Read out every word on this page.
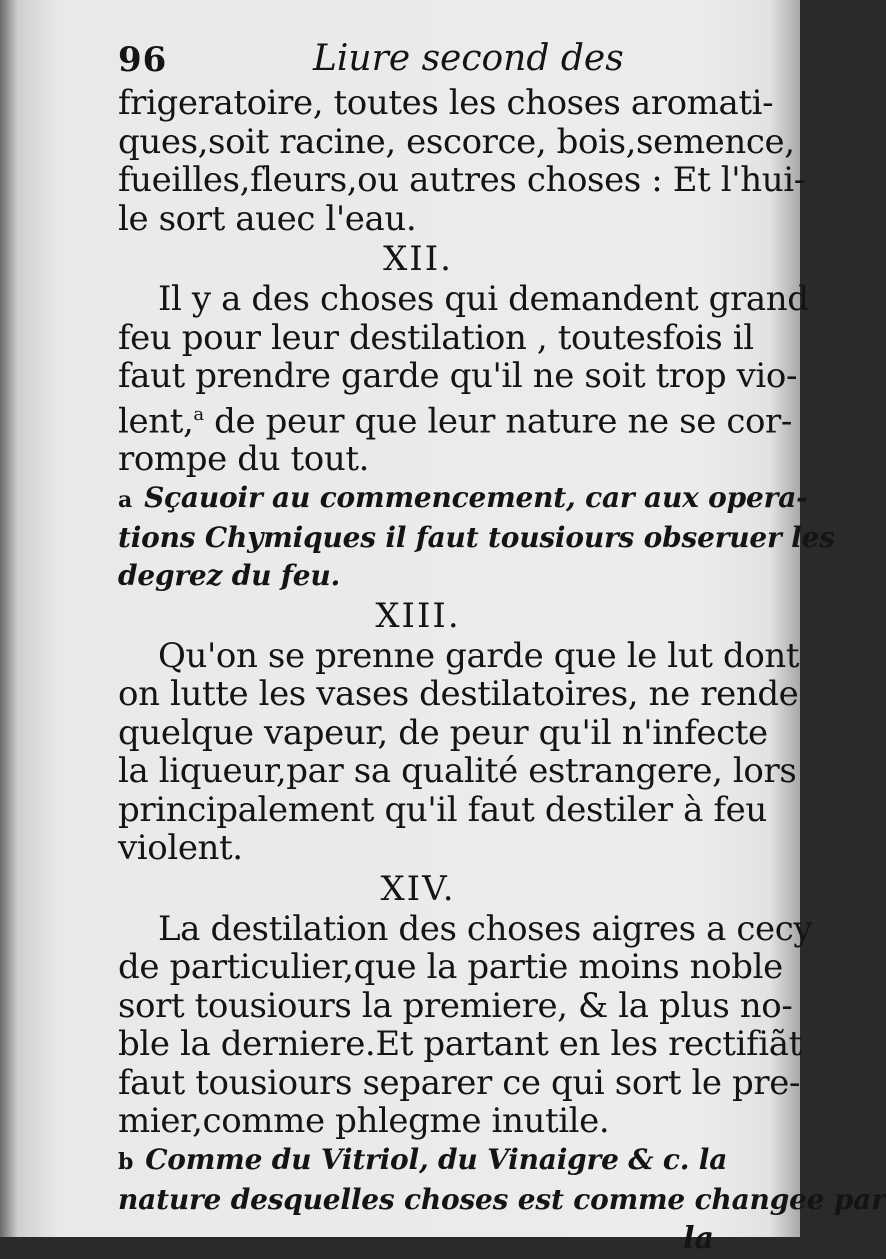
96	Liure second des
frigeratoire, toutes les choses aromati-
ques,soit racine, escorce, bois,semence,
fueilles,fleurs,ou autres choses : Et l'hui-
le sort auec l'eau.
XII.
Il y a des choses qui demandent grand
feu pour leur destilation , toutesfois il
faut prendre garde qu'il ne soit trop vio-
lent,$^a$ de peur que leur nature ne se cor-
rompe du tout.
a Sçauoir au commencement, car aux opera-
tions Chymiques il faut tousiours obseruer les
degrez du feu.
XIII.
Qu'on se prenne garde que le lut dont
on lutte les vases destilatoires, ne rende
quelque vapeur, de peur qu'il n'infecte
la liqueur,par sa qualité estrangere, lors
principalement qu'il faut destiler à feu
violent.
XIV.
La destilation des choses aigres a cecy
de particulier,que la partie moins noble
sort tousiours la premiere, & la plus no-
ble la derniere.Et partant en les rectifiãt
faut tousiours separer ce qui sort le pre-
mier,comme phlegme inutile.
b Comme du Vitriol, du Vinaigre & c. la
nature desquelles choses est comme changee par
la
